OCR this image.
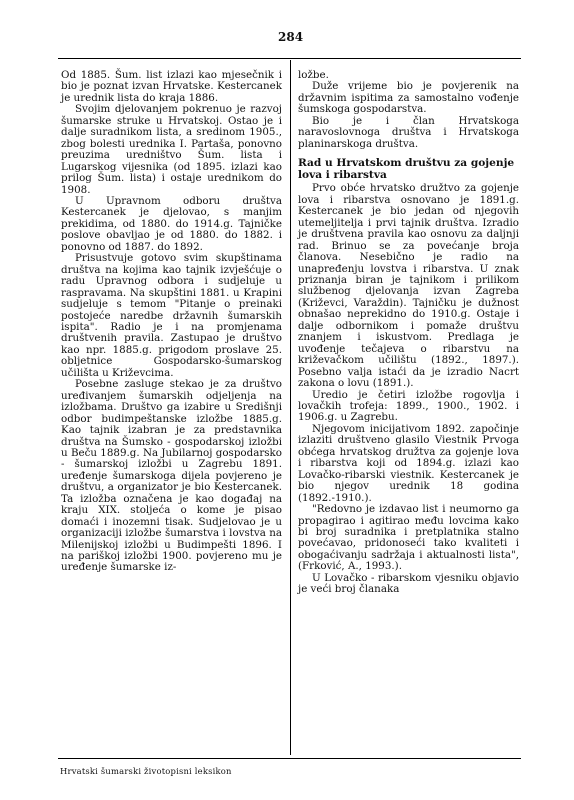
284

Od 1885. Šum. list izlazi kao mjesečnik i bio je poznat izvan Hrvatske. Kestercanek je urednik lista do kraja 1886.

Svojim djelovanjem pokrenuo je razvoj šumarske struke u Hrvatskoj. Ostao je i dalje suradnikom lista, a sredinom 1905., zbog bolesti urednika I. Partaša, ponovno preuzima uredništvo Šum. lista i Lugarskog vijesnika (od 1895. izlazi kao prilog Šum. lista) i ostaje urednikom do 1908.

U Upravnom odboru društva Kestercanek je djelovao, s manjim prekidima, od 1880. do 1914.g. Tajničke poslove obavljao je od 1880. do 1882. i ponovno od 1887. do 1892.

Prisustvuje gotovo svim skupštinama društva na kojima kao tajnik izvješćuje o radu Upravnog odbora i sudjeluje u raspravama. Na skupštini 1881. u Krapini sudjeluje s temom "Pitanje o preinaki postojeće naredbe državnih šumarskih ispita". Radio je i na promjenama društvenih pravila. Zastupao je društvo kao npr. 1885.g. prigodom proslave 25. obljetnice Gospodarsko-šumarskog učilišta u Križevcima.

Posebne zasluge stekao je za društvo uređivanjem šumarskih odjeljenja na izložbama. Društvo ga izabire u Središnji odbor budimpeštanske izložbe 1885.g. Kao tajnik izabran je za predstavnika društva na Šumsko - gospodarskoj izložbi u Beču 1889.g. Na Jubilarnoj gospodarsko - šumarskoj izložbi u Zagrebu 1891. uređenje šumarskoga dijela povjereno je društvu, a organizator je bio Kestercanek. Ta izložba označena je kao događaj na kraju XIX. stoljeća o kome je pisao domaći i inozemni tisak. Sudjelovao je u organizaciji izložbe šumarstva i lovstva na Milenijskoj izložbi u Budimpešti 1896. I na pariškoj izložbi 1900. povjereno mu je uređenje šumarske iz-

ložbe.

Duže vrijeme bio je povjerenik na državnim ispitima za samostalno vođenje šumskoga gospodarstva.

Bio je i član Hrvatskoga naravoslovnoga društva i Hrvatskoga planinarskoga društva.

Rad u Hrvatskom društvu za gojenje lova i ribarstva

Prvo obće hrvatsko družtvo za gojenje lova i ribarstva osnovano je 1891.g. Kestercanek je bio jedan od njegovih utemeljitelja i prvi tajnik društva. Izradio je društvena pravila kao osnovu za daljnji rad. Brinuo se za povećanje broja članova. Nesebično je radio na unapređenju lovstva i ribarstva. U znak priznanja biran je tajnikom i prilikom službenog djelovanja izvan Zagreba (Križevci, Varaždin). Tajničku je dužnost obnašao neprekidno do 1910.g. Ostaje i dalje odbornikom i pomaže društvu znanjem i iskustvom. Predlaga je uvođenje tečajeva o ribarstvu na križevačkom učilištu (1892., 1897.). Posebno valja istaći da je izradio Nacrt zakona o lovu (1891.).

Uredio je četiri izložbe rogovlja i lovačkih trofeja: 1899., 1900., 1902. i 1906.g. u Zagrebu.

Njegovom inicijativom 1892. započinje izlaziti društveno glasilo Viestnik Prvoga obćega hrvatskog družtva za gojenje lova i ribarstva koji od 1894.g. izlazi kao Lovačko-ribarski viestnik. Kestercanek je bio njegov urednik 18 godina (1892.-1910.).

"Redovno je izdavao list i neumorno ga propagirao i agitirao među lovcima kako bi broj suradnika i pretplatnika stalno povećavao, pridonoseći tako kvaliteti i obogaćivanju sadržaja i aktualnosti lista", (Frković, A., 1993.).

U Lovačko - ribarskom vjesniku objavio je veći broj članaka

Hrvatski šumarski životopisni leksikon
